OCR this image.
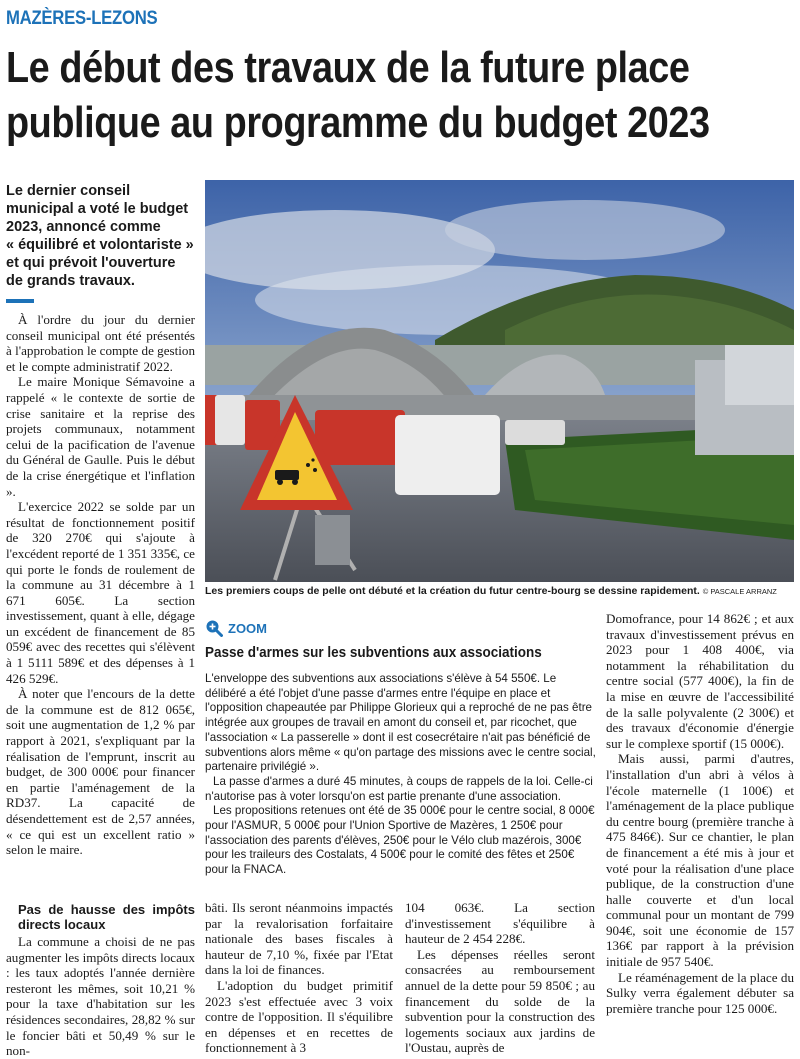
MAZÈRES-LEZONS
Le début des travaux de la future place
publique au programme du budget 2023
Le dernier conseil
municipal a voté le budget
2023, annoncé comme
« équilibré et volontariste »
et qui prévoit l'ouverture
de grands travaux.

À l'ordre du jour du dernier conseil municipal ont été présentés à l'approbation le compte de gestion et le compte administratif 2022.

Le maire Monique Sémavoine a rappelé « le contexte de sortie de crise sanitaire et la reprise des projets communaux, notamment celui de la pacification de l'avenue du Général de Gaulle. Puis le début de la crise énergétique et l'inflation ».

L'exercice 2022 se solde par un résultat de fonctionnement positif de 320 270€ qui s'ajoute à l'excédent reporté de 1 351 335€, ce qui porte le fonds de roulement de la commune au 31 décembre à 1 671 605€. La section investissement, quant à elle, dégage un excédent de financement de 85 059€ avec des recettes qui s'élèvent à 1 5111 589€ et des dépenses à 1 426 529€.

À noter que l'encours de la dette de la commune est de 812 065€, soit une augmentation de 1,2 % par rapport à 2021, s'expliquant par la réalisation de l'emprunt, inscrit au budget, de 300 000€ pour financer en partie l'aménagement de la RD37. La capacité de désendettement est de 2,57 années, « ce qui est un excellent ratio » selon le maire.

Pas de hausse des impôts directs locaux

La commune a choisi de ne pas augmenter les impôts directs locaux : les taux adoptés l'année dernière resteront les mêmes, soit 10,21 % pour la taxe d'habitation sur les résidences secondaires, 28,82 % sur le foncier bâti et 50,49 % sur le non-

Les premiers coups de pelle ont débuté et la création du futur centre-bourg se dessine rapidement. © PASCALE ARRANZ
ZOOM
Passe d'armes sur les subventions aux associations

L'enveloppe des subventions aux associations s'élève à 54 550€. Le délibéré a été l'objet d'une passe d'armes entre l'équipe en place et l'opposition chapeautée par Philippe Glorieux qui a reproché de ne pas être intégrée aux groupes de travail en amont du conseil et, par ricochet, que l'association « La passerelle » dont il est cosecrétaire n'ait pas bénéficié de subventions alors même « qu'on partage des missions avec le centre social, partenaire privilégié ».

La passe d'armes a duré 45 minutes, à coups de rappels de la loi. Celle-ci n'autorise pas à voter lorsqu'on est partie prenante d'une association.

Les propositions retenues ont été de 35 000€ pour le centre social, 8 000€ pour l'ASMUR, 5 000€ pour l'Union Sportive de Mazères, 1 250€ pour l'association des parents d'élèves, 250€ pour le Vélo club mazérois, 300€ pour les traileurs des Costalats, 4 500€ pour le comité des fêtes et 250€ pour la FNACA.

bâti. Ils seront néanmoins impactés par la revalorisation forfaitaire nationale des bases fiscales à hauteur de 7,10 %, fixée par l'Etat dans la loi de finances.

L'adoption du budget primitif 2023 s'est effectuée avec 3 voix contre de l'opposition. Il s'équilibre en dépenses et en recettes de fonctionnement à 3

104 063€. La section d'investissement s'équilibre à hauteur de 2 454 228€.

Les dépenses réelles seront consacrées au remboursement annuel de la dette pour 59 850€ ; au financement du solde de la subvention pour la construction des logements sociaux aux jardins de l'Oustau, auprès de

Domofrance, pour 14 862€ ; et aux travaux d'investissement prévus en 2023 pour 1 408 400€, via notamment la réhabilitation du centre social (577 400€), la fin de la mise en œuvre de l'accessibilité de la salle polyvalente (2 300€) et des travaux d'économie d'énergie sur le complexe sportif (15 000€).

Mais aussi, parmi d'autres, l'installation d'un abri à vélos à l'école maternelle (1 100€) et l'aménagement de la place publique du centre bourg (première tranche à 475 846€). Sur ce chantier, le plan de financement a été mis à jour et voté pour la réalisation d'une place publique, de la construction d'une halle couverte et d'un local communal pour un montant de 799 904€, soit une économie de 157 136€ par rapport à la prévision initiale de 957 540€.

Le réaménagement de la place du Sulky verra également débuter sa première tranche pour 125 000€.
